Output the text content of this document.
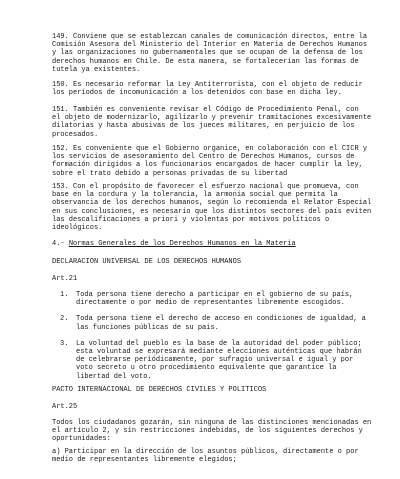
149. Conviene que se establezcan canales de comunicación directos, entre la
Comisión Asesora del Ministerio del Interior en Materia de Derechos Humanos
y las organizaciones no gubernamentales que se ocupan de la defensa de los
derechos humanos en Chile. De esta manera, se fortalecerían las formas de
tutela ya existentes.
150. Es necesario reformar la Ley Antiterrorista, con el objeto de reducir
los períodos de incomunicación a los detenidos con base en dicha ley.
151. También es conveniente revisar el Código de Procedimiento Penal, con
el objeto de modernizarlo, agilizarlo y prevenir tramitaciones excesivamente
dilatorias y hasta abusivas de los jueces militares, en perjuicio de los
procesados.
152. Es conveniente que el Gobierno organice, en colaboración con el CICR y
los servicios de asesoramiento del Centro de Derechos Humanos, cursos de
formación dirigidos a los funcionarios encargados de hacer cumplir la ley,
sobre el trato debido a personas privadas de su libertad
153. Con el propósito de favorecer el esfuerzo nacional que promueva, con
base en la cordura y la tolerancia, la armonía social que permita la
observancia de los derechos humanos, según lo recomienda el Relator Especial
en sus conclusiones, es necesario que los distintos sectores del país eviten
las descalificaciones a priori y violentas por motivos políticos o
ideológicos.
4.- Normas Generales de los Derechos Humanos en la Materia
DECLARACION UNIVERSAL DE LOS DERECHOS HUMANOS
Art.21
1. Toda persona tiene derecho a participar en el gobierno de su país,
directamente o por medio de representantes libremente escogidos.
2. Toda persona tiene el derecho de acceso en condiciones de igualdad, a
las funciones públicas de su país.
3. La voluntad del pueblo es la base de la autoridad del poder público;
esta voluntad se expresará mediante elecciones auténticas que habrán
de celebrarse periódicamente, por sufragio universal e igual y por
voto secreto u otro procedimiento equivalente que garantice la
libertad del voto.
PACTO INTERNACIONAL DE DERECHOS CIVILES Y POLITICOS
Art.25
Todos los ciudadanos gozarán, sin ninguna de las distinciones mencionadas en
el artículo 2, y sin restricciones indebidas, de los siguientes derechos y
oportunidades:
a) Participar en la dirección de los asuntos públicos, directamente o por
medio de representantes libremente elegidos;
